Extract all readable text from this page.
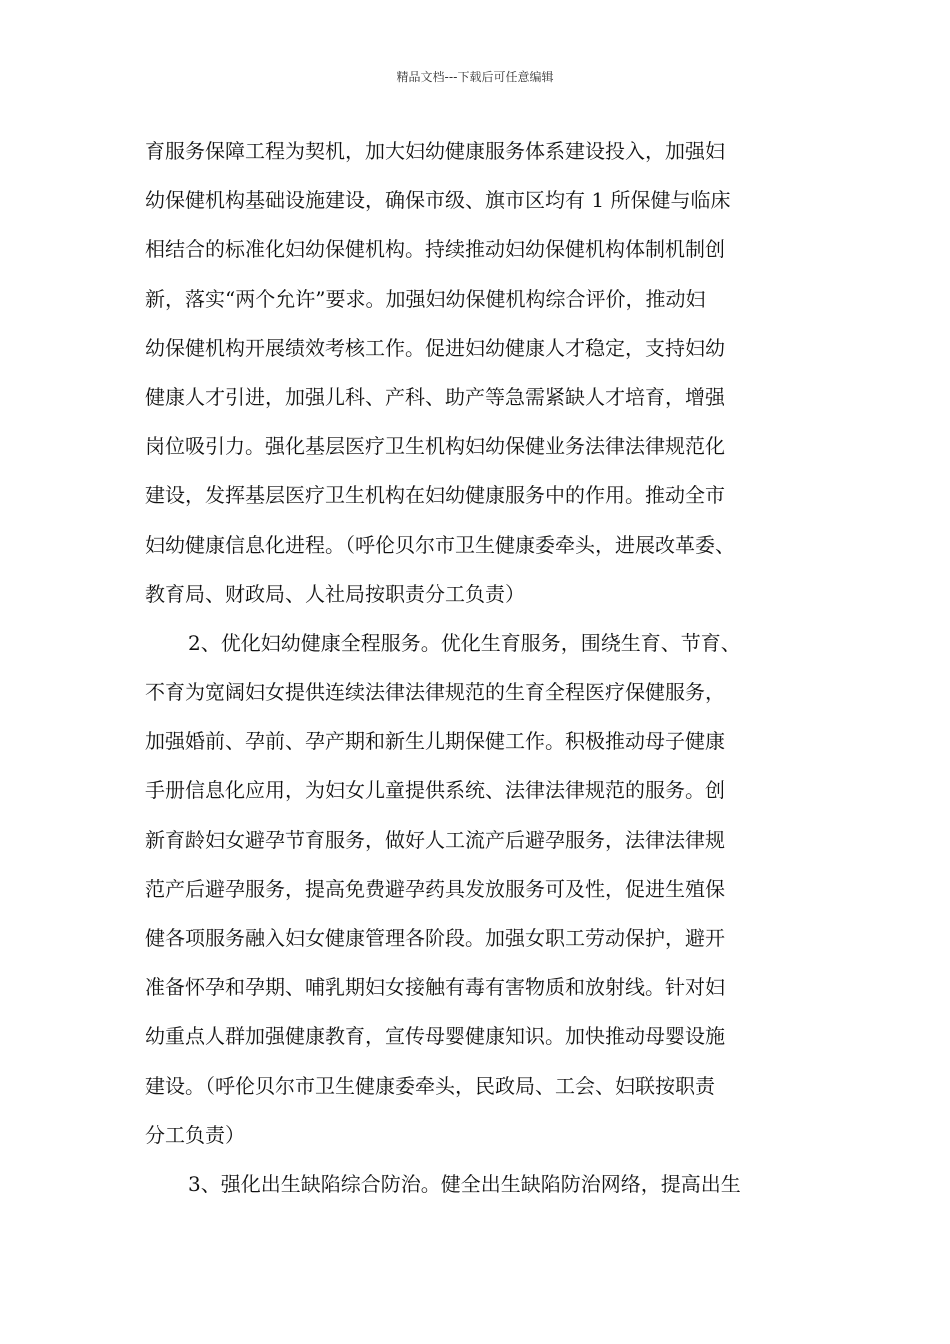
精品文档---下载后可任意编辑
育服务保障工程为契机，加大妇幼健康服务体系建设投入，加强妇
幼保健机构基础设施建设，确保市级、旗市区均有 1 所保健与临床
相结合的标准化妇幼保健机构。持续推动妇幼保健机构体制机制创
新，落实“两个允许”要求。加强妇幼保健机构综合评价，推动妇
幼保健机构开展绩效考核工作。促进妇幼健康人才稳定，支持妇幼
健康人才引进，加强儿科、产科、助产等急需紧缺人才培育，增强
岗位吸引力。强化基层医疗卫生机构妇幼保健业务法律法律规范化
建设，发挥基层医疗卫生机构在妇幼健康服务中的作用。推动全市
妇幼健康信息化进程。（呼伦贝尔市卫生健康委牵头，进展改革委、
教育局、财政局、人社局按职责分工负责）
2、优化妇幼健康全程服务。优化生育服务，围绕生育、节育、
不育为宽阔妇女提供连续法律法律规范的生育全程医疗保健服务，
加强婚前、孕前、孕产期和新生儿期保健工作。积极推动母子健康
手册信息化应用，为妇女儿童提供系统、法律法律规范的服务。创
新育龄妇女避孕节育服务，做好人工流产后避孕服务，法律法律规
范产后避孕服务，提高免费避孕药具发放服务可及性，促进生殖保
健各项服务融入妇女健康管理各阶段。加强女职工劳动保护，避开
准备怀孕和孕期、哺乳期妇女接触有毒有害物质和放射线。针对妇
幼重点人群加强健康教育，宣传母婴健康知识。加快推动母婴设施
建设。（呼伦贝尔市卫生健康委牵头，民政局、工会、妇联按职责
分工负责）
3、强化出生缺陷综合防治。健全出生缺陷防治网络，提高出生
